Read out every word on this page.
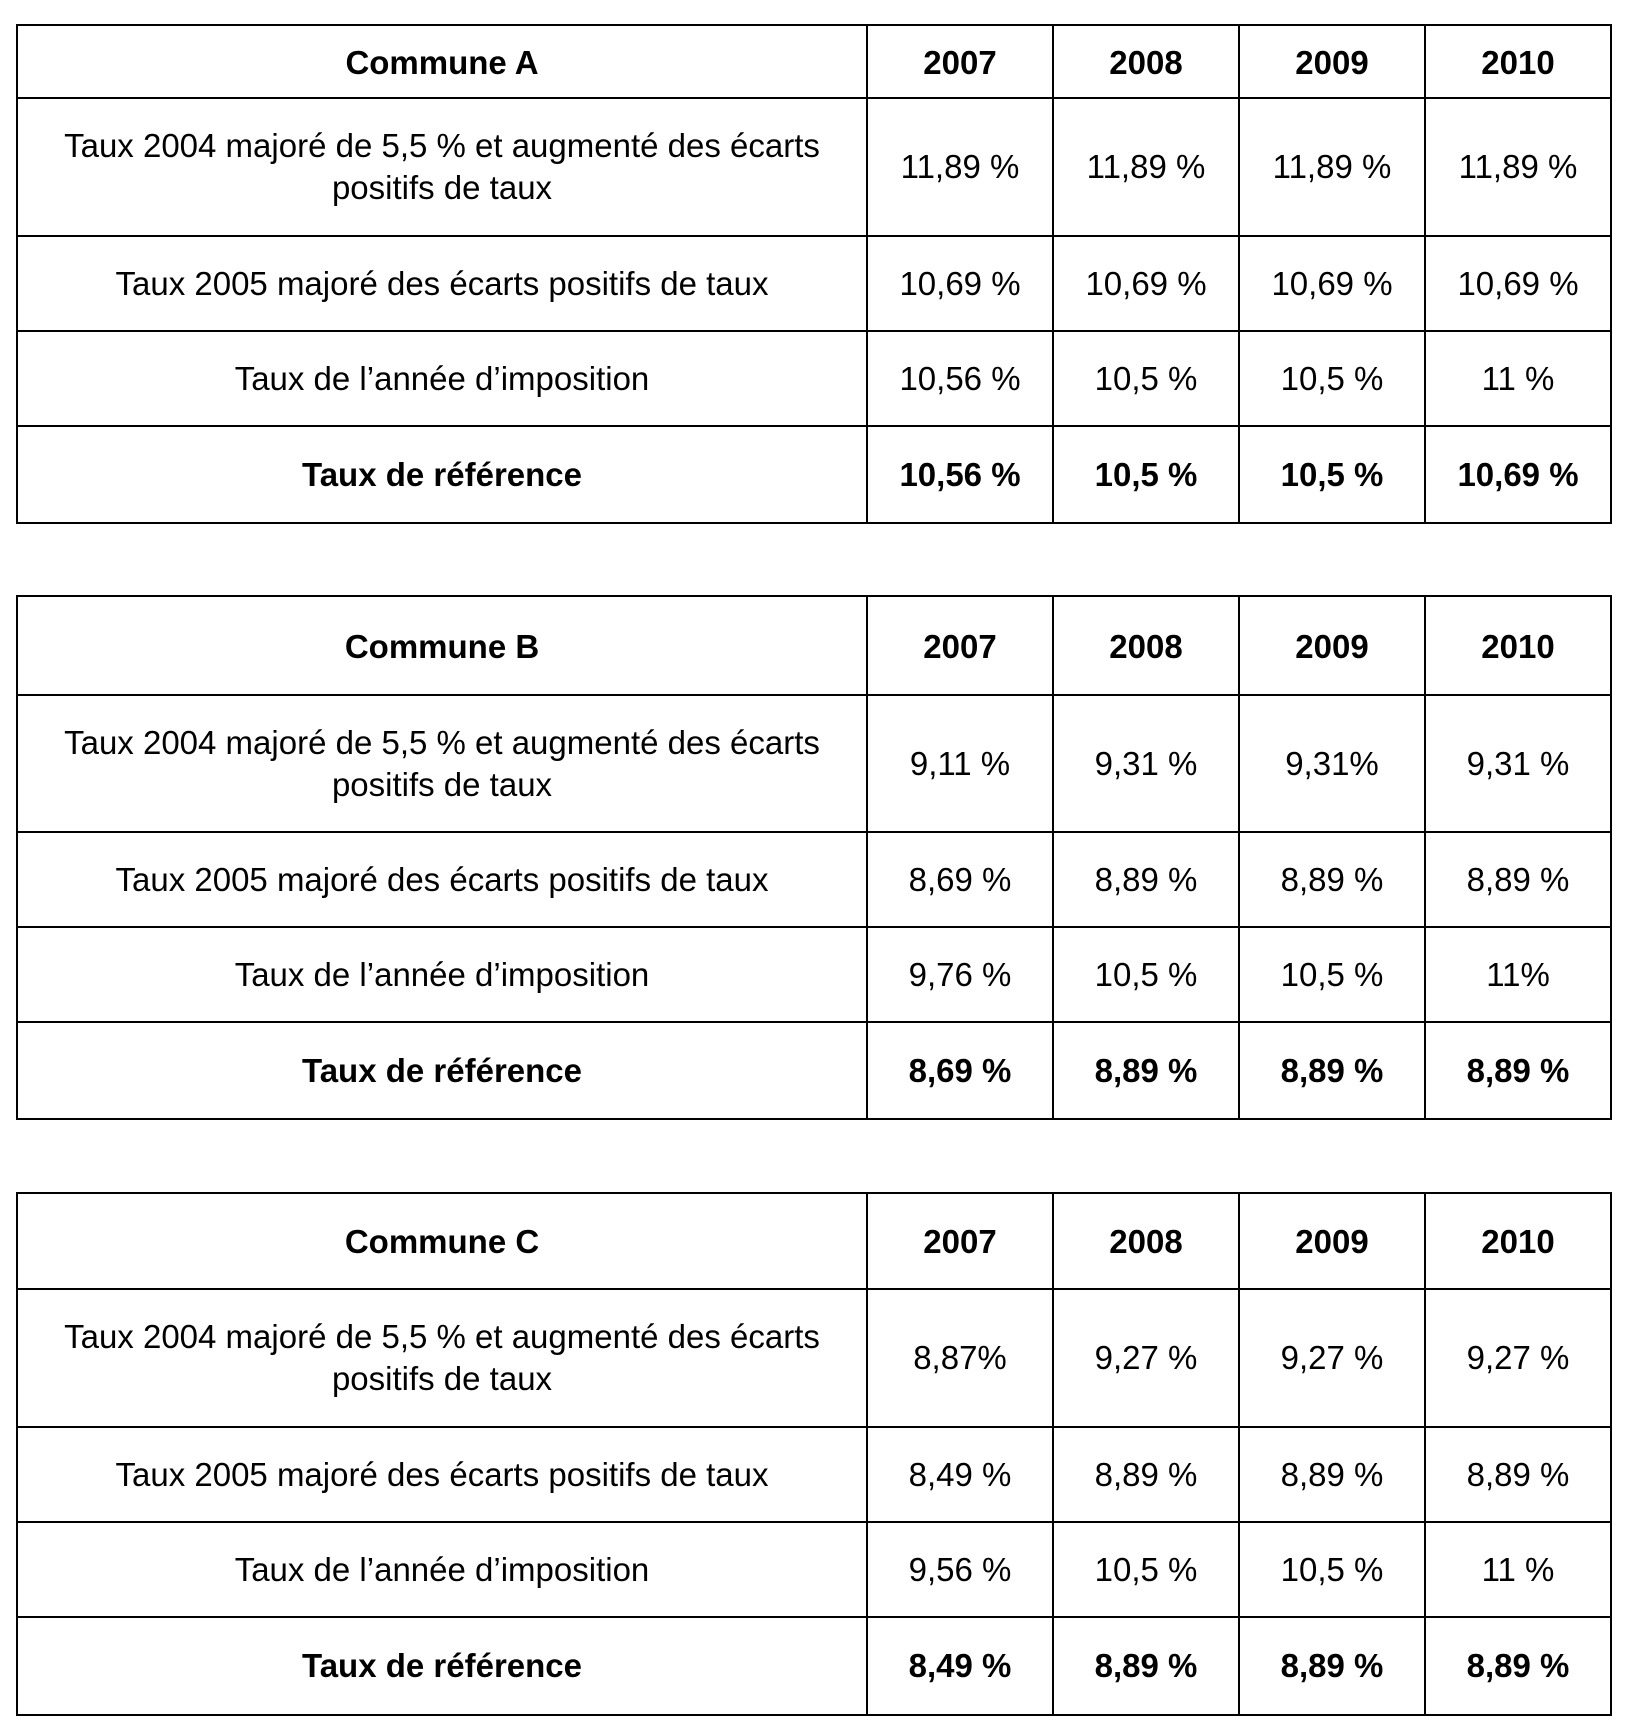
Commune A	2007	2008	2009	2010
Taux 2004 majoré de 5,5 % et augmenté des écarts positifs de taux	11,89 %	11,89 %	11,89 %	11,89 %
Taux 2005 majoré des écarts positifs de taux	10,69 %	10,69 %	10,69 %	10,69 %
Taux de l’année d’imposition	10,56 %	10,5 %	10,5 %	11 %
Taux de référence	10,56 %	10,5 %	10,5 %	10,69 %
Commune B	2007	2008	2009	2010
Taux 2004 majoré de 5,5 % et augmenté des écarts positifs de taux	9,11 %	9,31 %	9,31%	9,31 %
Taux 2005 majoré des écarts positifs de taux	8,69 %	8,89 %	8,89 %	8,89 %
Taux de l’année d’imposition	9,76 %	10,5 %	10,5 %	11%
Taux de référence	8,69 %	8,89 %	8,89 %	8,89 %
Commune C	2007	2008	2009	2010
Taux 2004 majoré de 5,5 % et augmenté des écarts positifs de taux	8,87%	9,27 %	9,27 %	9,27 %
Taux 2005 majoré des écarts positifs de taux	8,49 %	8,89 %	8,89 %	8,89 %
Taux de l’année d’imposition	9,56 %	10,5 %	10,5 %	11 %
Taux de référence	8,49 %	8,89 %	8,89 %	8,89 %
